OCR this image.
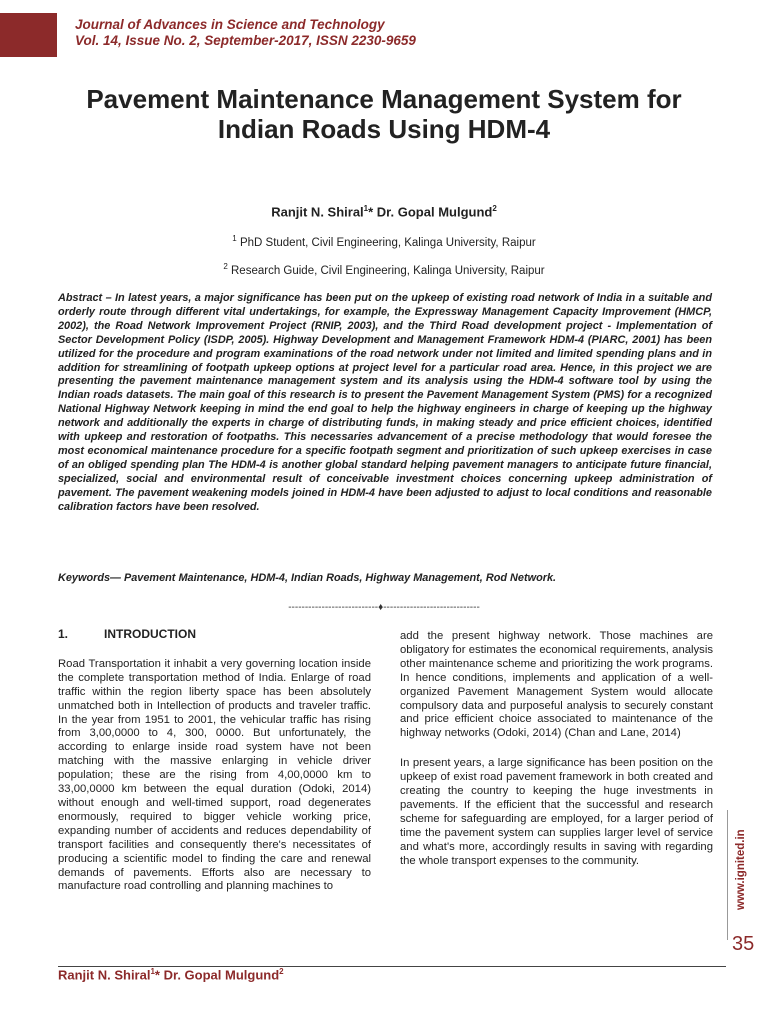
Journal of Advances in Science and Technology
Vol. 14, Issue No. 2, September-2017, ISSN 2230-9659
Pavement Maintenance Management System for
Indian Roads Using HDM-4
Ranjit N. Shiral$^1$* Dr. Gopal Mulgund$^2$
$^1$ PhD Student, Civil Engineering, Kalinga University, Raipur
$^2$ Research Guide, Civil Engineering, Kalinga University, Raipur

Abstract – In latest years, a major significance has been put on the upkeep of existing road network of India in a suitable and orderly route through different vital undertakings, for example, the Expressway Management Capacity Improvement (HMCP, 2002), the Road Network Improvement Project (RNIP, 2003), and the Third Road development project - Implementation of Sector Development Policy (ISDP, 2005). Highway Development and Management Framework HDM-4 (PIARC, 2001) has been utilized for the procedure and program examinations of the road network under not limited and limited spending plans and in addition for streamlining of footpath upkeep options at project level for a particular road area. Hence, in this project we are presenting the pavement maintenance management system and its analysis using the HDM-4 software tool by using the Indian roads datasets. The main goal of this research is to present the Pavement Management System (PMS) for a recognized National Highway Network keeping in mind the end goal to help the highway engineers in charge of keeping up the highway network and additionally the experts in charge of distributing funds, in making steady and price efficient choices, identified with upkeep and restoration of footpaths. This necessaries advancement of a precise methodology that would foresee the most economical maintenance procedure for a specific footpath segment and prioritization of such upkeep exercises in case of an obliged spending plan The HDM-4 is another global standard helping pavement managers to anticipate future financial, specialized, social and environmental result of conceivable investment choices concerning upkeep administration of pavement. The pavement weakening models joined in HDM-4 have been adjusted to adjust to local conditions and reasonable calibration factors have been resolved.

Keywords— Pavement Maintenance, HDM-4, Indian Roads, Highway Management, Rod Network.
---------------------------♦-----------------------------
1.	INTRODUCTION

Road Transportation it inhabit a very governing location inside the complete transportation method of India. Enlarge of road traffic within the region liberty space has been absolutely unmatched both in Intellection of products and traveler traffic. In the year from 1951 to 2001, the vehicular traffic has rising from 3,00,0000 to 4, 300, 0000. But unfortunately, the according to enlarge inside road system have not been matching with the massive enlarging in vehicle driver population; these are the rising from 4,00,0000 km to 33,00,0000 km between the equal duration (Odoki, 2014) without enough and well-timed support, road degenerates enormously, required to bigger vehicle working price, expanding number of accidents and reduces dependability of transport facilities and consequently there's necessitates of producing a scientific model to finding the care and renewal demands of pavements. Efforts also are necessary to manufacture road controlling and planning machines to

add the present highway network. Those machines are obligatory for estimates the economical requirements, analysis other maintenance scheme and prioritizing the work programs. In hence conditions, implements and application of a well-organized Pavement Management System would allocate compulsory data and purposeful analysis to securely constant and price efficient choice associated to maintenance of the highway networks (Odoki, 2014) (Chan and Lane, 2014)

In present years, a large significance has been position on the upkeep of exist road pavement framework in both created and creating the country to keeping the huge investments in pavements. If the efficient that the successful and research scheme for safeguarding are employed, for a larger period of time the pavement system can supplies larger level of service and what's more, accordingly results in saving with regarding the whole transport expenses to the community.	www.ignited.in
35
Ranjit N. Shiral$^1$* Dr. Gopal Mulgund$^2$
